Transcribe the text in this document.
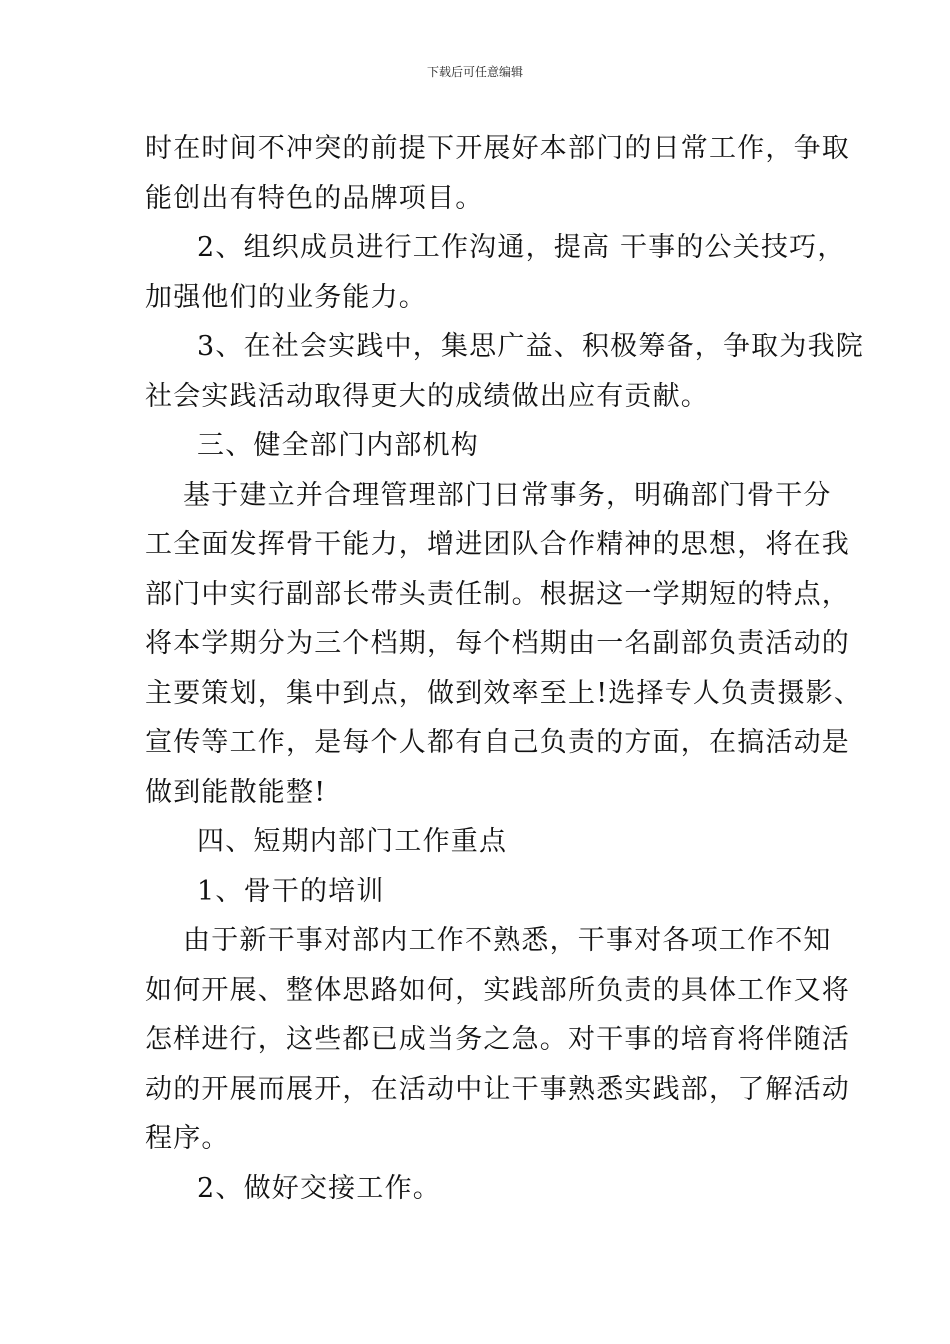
下载后可任意编辑
时在时间不冲突的前提下开展好本部门的日常工作，争取
能创出有特色的品牌项目。
2、组织成员进行工作沟通，提高 干事的公关技巧，
加强他们的业务能力。
3、在社会实践中，集思广益、积极筹备，争取为我院
社会实践活动取得更大的成绩做出应有贡献。
三、健全部门内部机构
基于建立并合理管理部门日常事务，明确部门骨干分
工全面发挥骨干能力，增进团队合作精神的思想，将在我
部门中实行副部长带头责任制。根据这一学期短的特点，
将本学期分为三个档期，每个档期由一名副部负责活动的
主要策划，集中到点，做到效率至上!选择专人负责摄影、
宣传等工作，是每个人都有自己负责的方面，在搞活动是
做到能散能整!
四、短期内部门工作重点
1、骨干的培训
由于新干事对部内工作不熟悉，干事对各项工作不知
如何开展、整体思路如何，实践部所负责的具体工作又将
怎样进行，这些都已成当务之急。对干事的培育将伴随活
动的开展而展开，在活动中让干事熟悉实践部，了解活动
程序。
2、做好交接工作。
